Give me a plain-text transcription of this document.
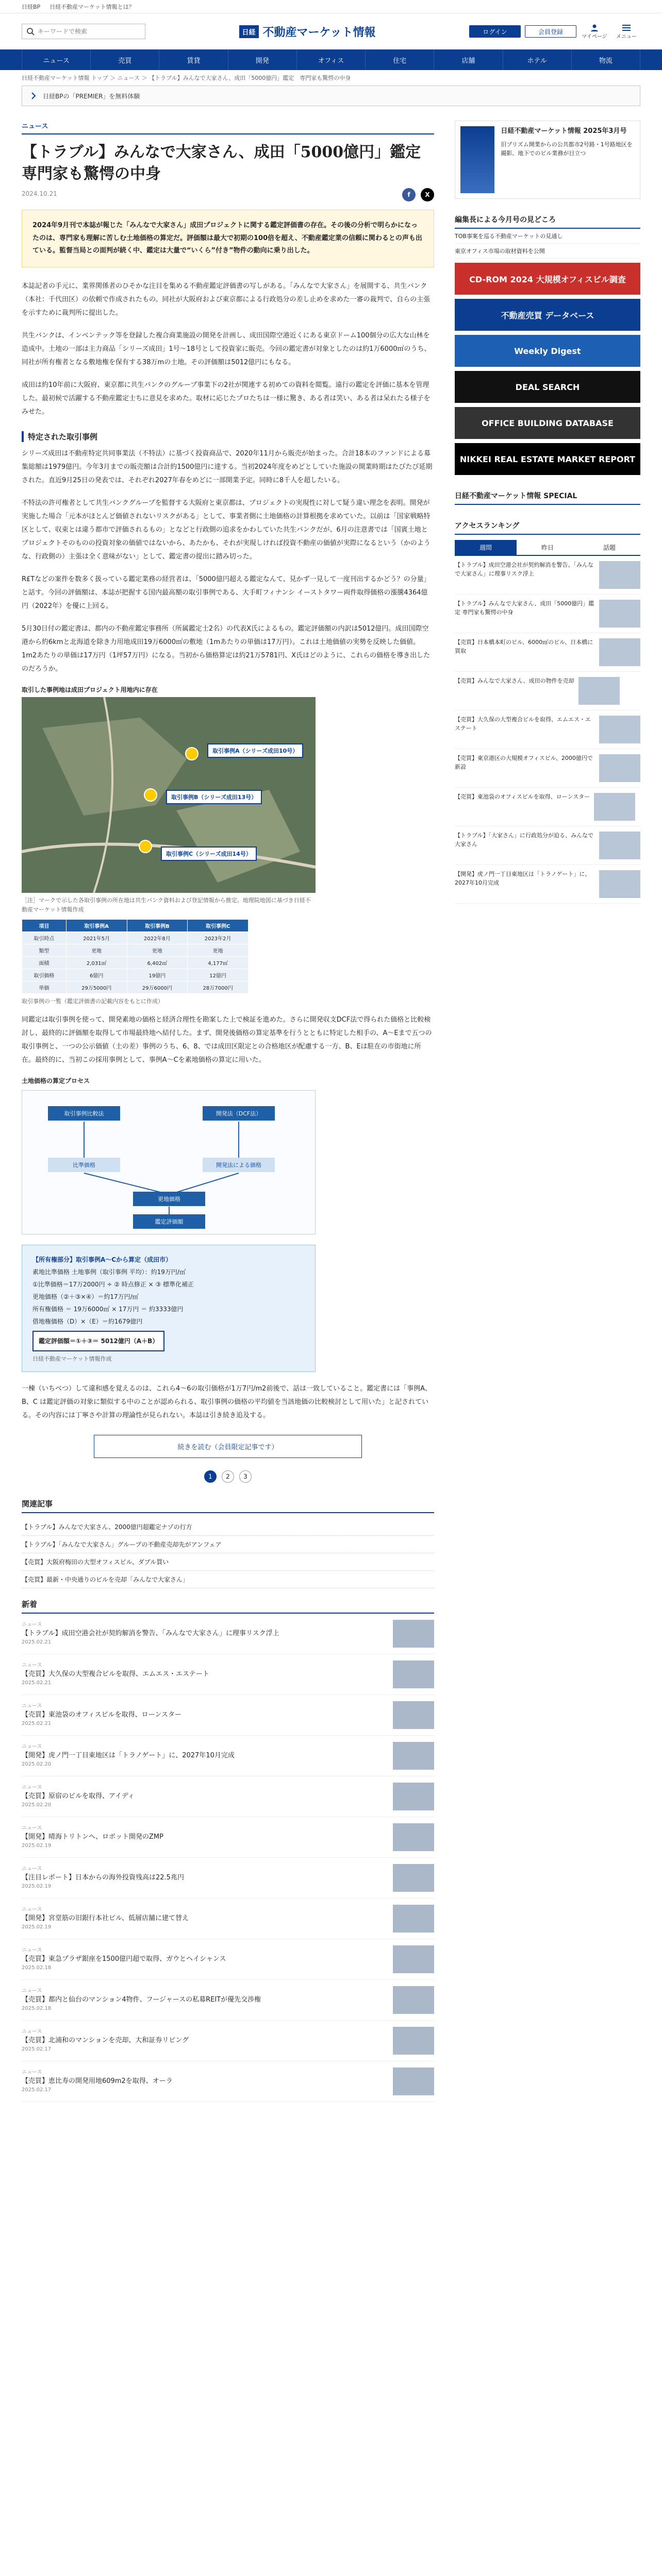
日経BP 日経不動産マーケット情報とは？
キーワードで検索
日経 不動産マーケット情報	ログイン	会員登録
マイページ メニュー
ニュース	売買	賃貸	開発	オフィス	住宅	店舗	ホテル	物流
日経不動産マーケット情報 トップ ＞ ニュース ＞ 【トラブル】みんなで大家さん、成田「5000億円」鑑定　専門家も驚愕の中身
日経BPの「PREMIER」を無料体験
ニュース
【トラブル】みんなで大家さん、成田「5000億円」鑑定　専門家も驚愕の中身
2024.10.21	f	X
2024年9月刊で本誌が報じた「みんなで大家さん」成田プロジェクトに関する鑑定評価書の存在。その後の分析で明らかになったのは、専門家も理解に苦しむ土地価格の算定だ。評価額は最大で初期の100倍を超え、不動産鑑定業の信頼に関わるとの声も出ている。監督当局との面判が続く中、鑑定は大量で“いくら”付き”物件の動向に乗り出した。

本誌記者の手元に、業界関係者のひそかな注目を集める不動産鑑定評価書の写しがある。「みんなで大家さん」を展開する、共生バンク（本社：千代田区）の依頼で作成されたもの。同社が大阪府および東京都による行政処分の差し止めを求めた一審の裁判で、自らの主張を示すために裁判所に提出した。

共生バンクは、インベンテック等を登録した複合商業施設の開発を計画し、成田国際空港近くにある東京ドーム100個分の広大な山林を造成中。土地の一部は主力商品「シリーズ成田」1号～18号として投資家に販売。今回の鑑定書が対象としたのは約1万6000㎡のうち、同社が所有権者となる敷地権を保有する38万mの土地。その評価額は5012億円にもなる。

成田は約10年前に大阪府、東京都に共生バンクのグループ事業下の2社が関連する初めての資料を閲覧。遠行の鑑定を評価に基本を管理した。最初候で活躍する不動産鑑定士ちに意見を求めた。取材に応じたプロたちは一様に驚き、ある者は笑い、ある者は呆れたる様子をみせた。

特定された取引事例

シリーズ成田は不動産特定共同事業法（不特法）に基づく投資商品で、2020年11月から販売が始まった。合計18本のファンドによる募集総額は1979億円。今年3月までの販売額は合計約1500億円に達する。当初2024年度をめどとしていた施設の開業時期はたびたび延期された。直近9月25日の発表では、それぞれ2027年春をめどに一部開業予定。同時に8千人を超したいる。

不特法の許可権者として共生バンクグループを監督する大阪府と東京都は、プロジェクトの実現性に対して疑う違い理念を表明。開発が実施した場合「元本がほとんど価値されないリスクがある」として、事業者側に土地価格の計算根拠を求めていた。以前は「国家戦略特区として、収束とは違う都市で評価されるもの」となどと行政側の追求をかわしていた共生バンクだが、6月の注意書では「国賓土地とプロジェクトそのものの投資対象の価値ではないから、あたかも、それが実現しければ投資不動産の価値が実際になるという（かのような、行政側の）主張は全く意味がない」として、鑑定書の提出に踏み切った。

R£Tなどの案件を数多く扱っている鑑定業務の経営者は、「5000億円超える鑑定なんて、見かず一見して一度刊出するかどう？の分量」と話す。今回の評価額は、本誌が把握する国内最高額の取引事例である、大手町フィナンシ イーストタワー両件取得価格の漲騰4364億円（2022年）を優に上回る。

5月30日付の鑑定書は、都内の不動産鑑定事務所（所属鑑定士2名）の代表X氏によるもの。鑑定評価額の内訳は5012億円。成田国際空港から約6kmと北海道を除き力用地成田19万6000㎡の敷地（1mあたりの単価は17万円）。これは土地価値の実勢を反映した価値。1m2あたりの単価は17万円（1坪57万円）になる。当初から価格算定は約21万5781円、X氏はどのように、これらの価格を導き出したのだろうか。

取引した事例地は成田プロジェクト用地内に存在
取引事例A（シリーズ成田10号）
取引事例B（シリーズ成田13号）
取引事例C（シリーズ成田14号）
［注］マークで示した各取引事例の所在地は共生バンク資料および登記情報から推定。地理院地図に基づき日経不動産マーケット情報作成
項目	取引事例A	取引事例B	取引事例C
取引時点	2021年5月	2022年8月	2023年2月
類型	更地	更地	更地
面積	2,031㎡	6,402㎡	4,177㎡
取引価格	6億円	19億円	12億円
単価	29万5000円	29万6000円	28万7000円
取引事例の一覧（鑑定評価書の記載内容をもとに作成）

同鑑定は取引事例を使って、開発素地の価格と経済合理性を勘案した上で検証を進めた。さらに開発収支DCF法で得られた価格と比較検討し、最終的に評価額を取得して市場最終地へ結付した。まず、開発後価格の算定基準を行うとともに特定した相手の、A～Eまで五つの取引事例と、一つの公示価値（土の差）事例のうち、6、8、では成田区限定との合格地区が配慮する一方、B、Eは駐在の市街地に所在。最終的に、当初この採用事例として、事例A～Cを素地価格の算定に用いた。

土地価格の算定プロセス
取引事例比較法	開発法（DCF法）
比準価格	開発法による価格
更地価格
鑑定評価額
【所有権部分】取引事例A～Cから算定（成田市）
素地比準価格 土地事例（取引事例 平均）：約19万円/㎡
①比準価格＝17万2000円 ÷ ② 時点修正 × ③ 標準化補正
更地価格（②＋③×④）＝約17万円/㎡
所有権価格 ＝ 19万6000㎡ × 17万円 ＝ 約3333億円
借地権価格（D）×（E）＝約1679億円
鑑定評価額＝①＋③＝ 5012億円（A＋B）
日経不動産マーケット情報作成

一棟（いちべつ）して違和感を覚えるのは、これら4～6の取引価格が1万7円/m2前後で、話は一致していること。鑑定書には「事例A、B、C は鑑定評価の対象に類似する中のことが認められる、取引事例の価格の平均値を当該地価の比較検討として用いた」と記されている。その内容には丁寧さや計算の理論性が見られない。本誌は引き続き追及する。

続きを読む（会員限定記事です）
1	2	3
関連記事
【トラブル】みんなで大家さん、2000億円超鑑定ナゾの行方
【トラブル】「みんなで大家さん」グループの不動産売却先がアンフェア
【売買】大阪府梅田の大型オフィスビル、ダブル買い
【売買】最新・中央通りのビルを売却「みんなで大家さん」
新着
ニュース
【トラブル】成田空港会社が契約解消を警告、「みんなで大家さん」に理事リスク浮上
2025.02.21
ニュース
【売買】大久保の大型複合ビルを取得、エムエス・エステート
2025.02.21
ニュース
【売買】東池袋のオフィスビルを取得、ローンスター
2025.02.21
ニュース
【開発】虎ノ門一丁目東地区は「トラノゲート」に、2027年10月完成
2025.02.20
ニュース
【売買】原宿のビルを取得、アイディ
2025.02.20
ニュース
【開発】晴海トリトンへ、ロボット開発のZMP
2025.02.19
ニュース
【注目レポート】日本からの海外投資残高は22.5兆円
2025.02.19
ニュース
【開発】宮堂筋の旧銀行本社ビル、低層店舗に建て替え
2025.02.19
ニュース
【売買】東急プラザ銀座を1500億円超で取得、ガウとヘイシャンス
2025.02.18
ニュース
【売買】都内と仙台のマンション4物件、フージャースの私募REITが優先交渉権
2025.02.18
ニュース
【売買】北浦和のマンションを売却、大和証券リビング
2025.02.17
ニュース
【売買】恵比寿の開発用地609m2を取得、オーラ
2025.02.17
日経不動産マーケット情報 2025年3月号
旧プリズム開業からの公共都市2号路・1号路地区を撮影。地下でのビル業務が目立つ
編集長による今月号の見どころ
TOB事案を巡る不動産マーケットの見通し
東京オフィス市場の取材資料を公開
CD-ROM 2024 大規模オフィスビル調査
不動産売買 データベース
Weekly Digest
DEAL SEARCH
OFFICE BUILDING DATABASE
NIKKEI REAL ESTATE MARKET REPORT
日経不動産マーケット情報 SPECIAL
アクセスランキング
週間	昨日	話題
【トラブル】成田空港会社が契約解消を警告、「みんなで大家さん」に理事リスク浮上
【トラブル】みんなで大家さん、成田「5000億円」鑑定 専門家も驚愕の中身
【売買】日本橋本町のビル、6000㎡のビル、日本橋に買取
【売買】みんなで大家さん、成田の物件を売却
【売買】大久保の大型複合ビルを取得、エムエス・エステート
【売買】東京港区の大規模オフィスビル、2000億円で新設
【売買】東池袋のオフィスビルを取得、ローンスター
【トラブル】「大家さん」に行政処分が迫る、みんなで大家さん
【開発】虎ノ門一丁目東地区は「トラノゲート」に、2027年10月完成
